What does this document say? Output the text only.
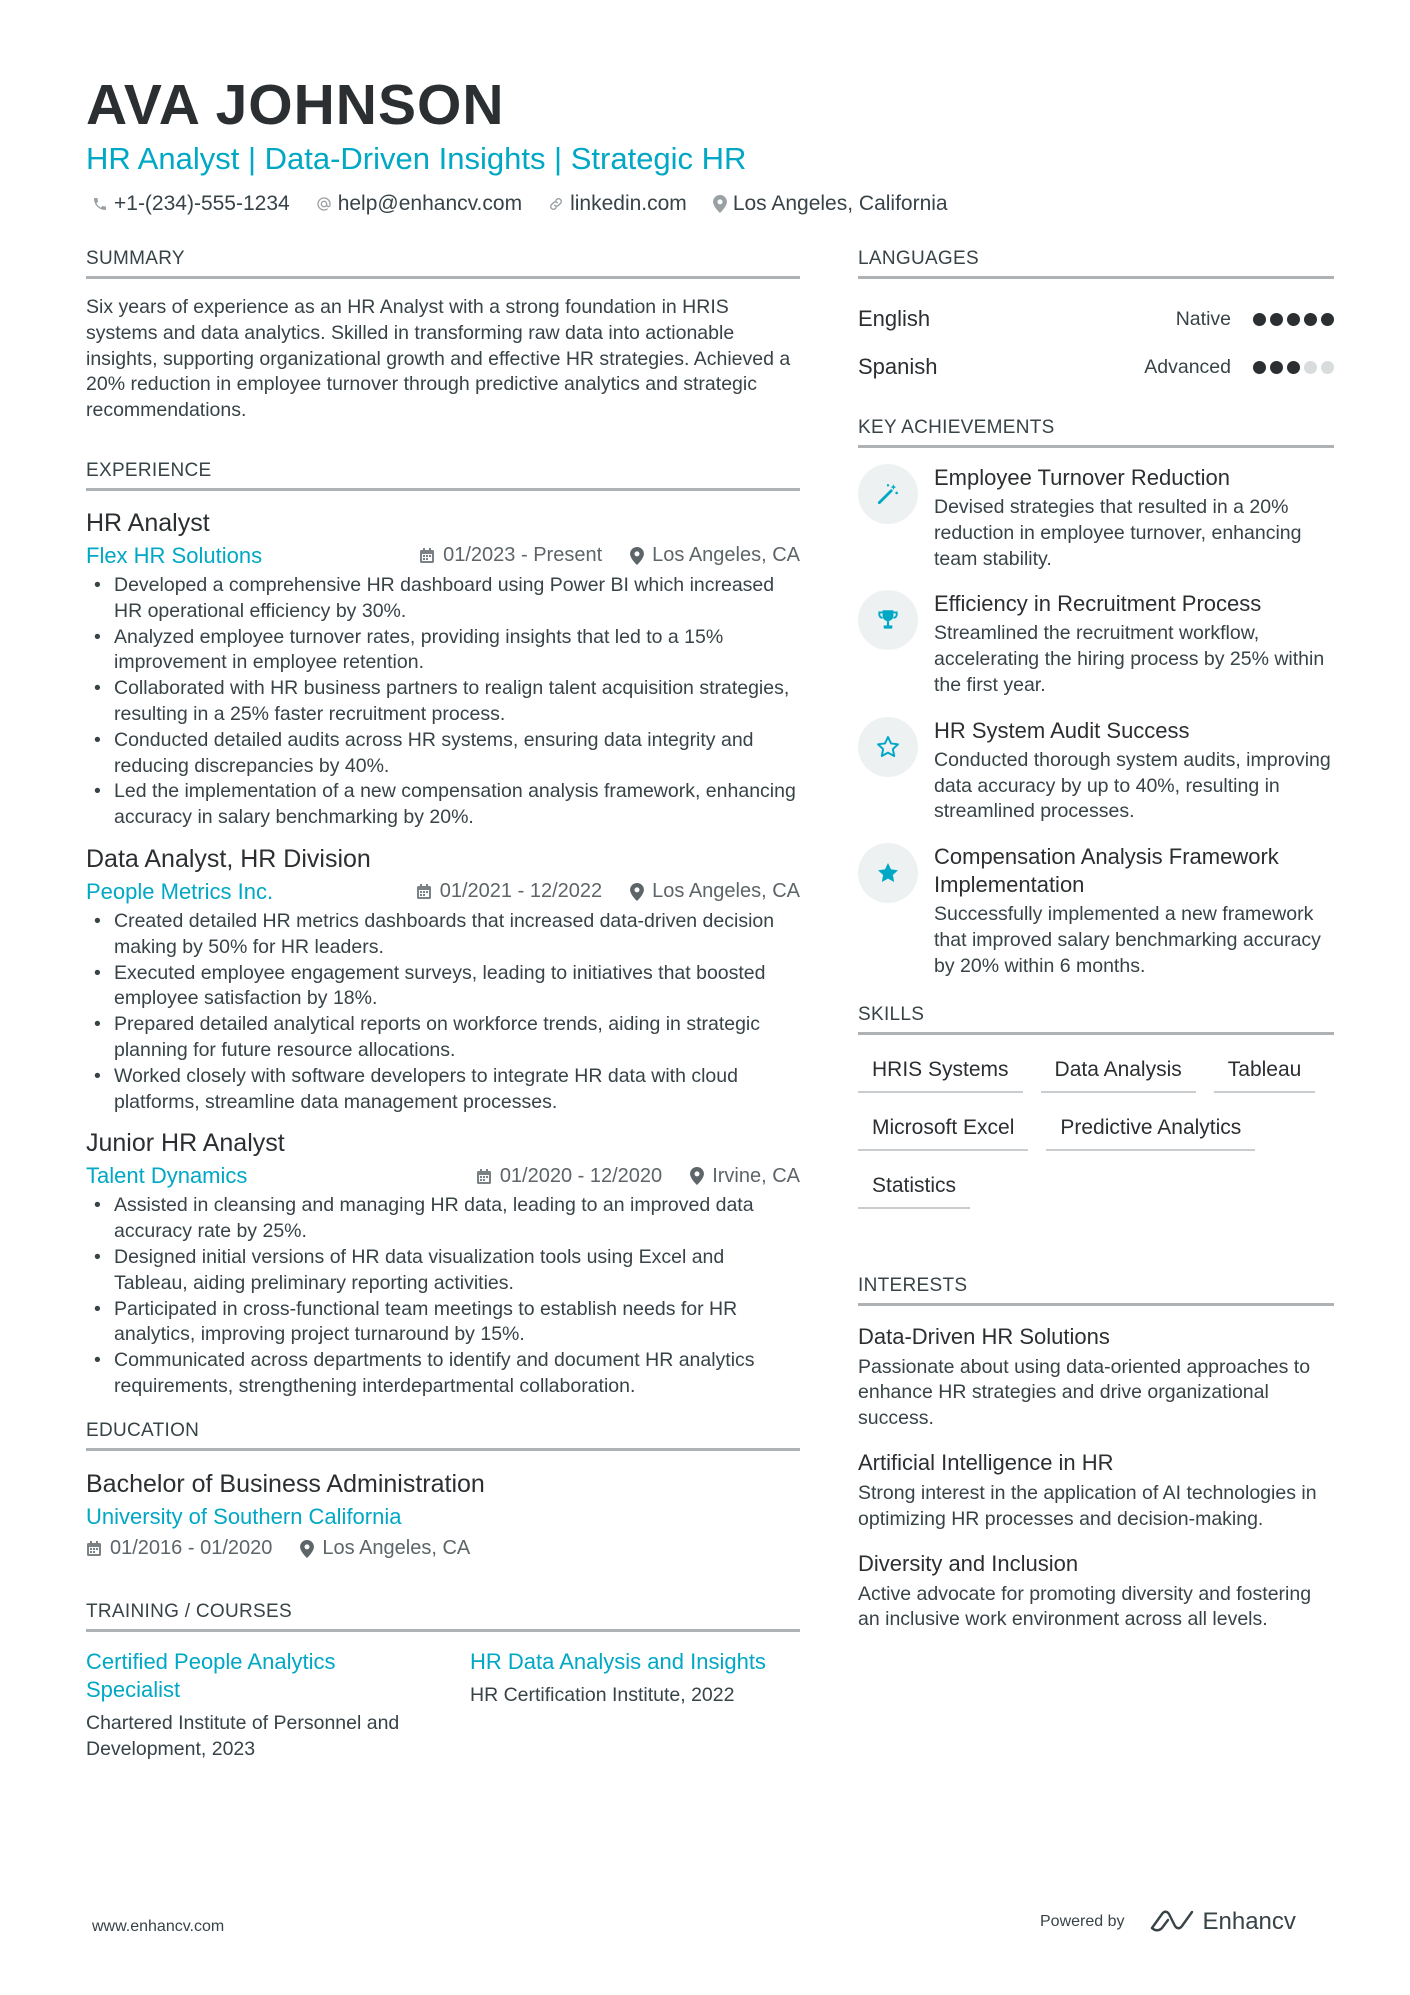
AVA JOHNSON
HR Analyst | Data-Driven Insights | Strategic HR
+1-(234)-555-1234 help@enhancv.com linkedin.com Los Angeles, California
SUMMARY
Six years of experience as an HR Analyst with a strong foundation in HRIS systems and data analytics. Skilled in transforming raw data into actionable insights, supporting organizational growth and effective HR strategies. Achieved a 20% reduction in employee turnover through predictive analytics and strategic recommendations.
EXPERIENCE
HR Analyst
Flex HR Solutions	01/2023 - Present	Los Angeles, CA
• Developed a comprehensive HR dashboard using Power BI which increased HR operational efficiency by 30%.
• Analyzed employee turnover rates, providing insights that led to a 15% improvement in employee retention.
• Collaborated with HR business partners to realign talent acquisition strategies, resulting in a 25% faster recruitment process.
• Conducted detailed audits across HR systems, ensuring data integrity and reducing discrepancies by 40%.
• Led the implementation of a new compensation analysis framework, enhancing accuracy in salary benchmarking by 20%.
Data Analyst, HR Division
People Metrics Inc.	01/2021 - 12/2022	Los Angeles, CA
• Created detailed HR metrics dashboards that increased data-driven decision making by 50% for HR leaders.
• Executed employee engagement surveys, leading to initiatives that boosted employee satisfaction by 18%.
• Prepared detailed analytical reports on workforce trends, aiding in strategic planning for future resource allocations.
• Worked closely with software developers to integrate HR data with cloud platforms, streamline data management processes.
Junior HR Analyst
Talent Dynamics	01/2020 - 12/2020	Irvine, CA
• Assisted in cleansing and managing HR data, leading to an improved data accuracy rate by 25%.
• Designed initial versions of HR data visualization tools using Excel and Tableau, aiding preliminary reporting activities.
• Participated in cross-functional team meetings to establish needs for HR analytics, improving project turnaround by 15%.
• Communicated across departments to identify and document HR analytics requirements, strengthening interdepartmental collaboration.
EDUCATION
Bachelor of Business Administration
University of Southern California
01/2016 - 01/2020	Los Angeles, CA
TRAINING / COURSES
Certified People Analytics Specialist
Chartered Institute of Personnel and Development, 2023
HR Data Analysis and Insights
HR Certification Institute, 2022
LANGUAGES
English	Native
Spanish	Advanced
KEY ACHIEVEMENTS
Employee Turnover Reduction
Devised strategies that resulted in a 20% reduction in employee turnover, enhancing team stability.
Efficiency in Recruitment Process
Streamlined the recruitment workflow, accelerating the hiring process by 25% within the first year.
HR System Audit Success
Conducted thorough system audits, improving data accuracy by up to 40%, resulting in streamlined processes.
Compensation Analysis Framework Implementation
Successfully implemented a new framework that improved salary benchmarking accuracy by 20% within 6 months.
SKILLS
HRIS Systems	Data Analysis	Tableau
Microsoft Excel	Predictive Analytics
Statistics
INTERESTS
Data-Driven HR Solutions
Passionate about using data-oriented approaches to enhance HR strategies and drive organizational success.
Artificial Intelligence in HR
Strong interest in the application of AI technologies in optimizing HR processes and decision-making.
Diversity and Inclusion
Active advocate for promoting diversity and fostering an inclusive work environment across all levels.
www.enhancv.com	Powered by	Enhancv
